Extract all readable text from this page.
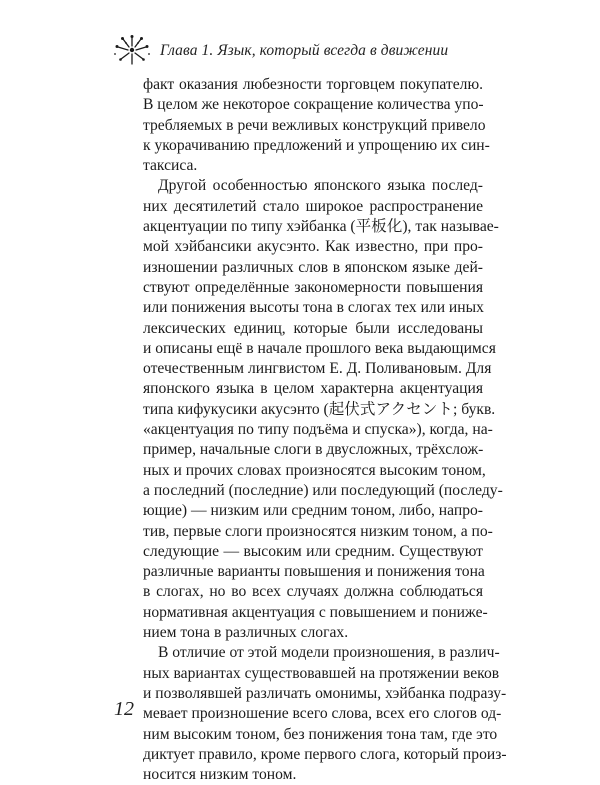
Глава 1. Язык, который всегда в движении
факт оказания любезности торговцем покупателю.
В целом же некоторое сокращение количества упо-
требляемых в речи вежливых конструкций привело
к укорачиванию предложений и упрощению их син-
таксиса.
Другой особенностью японского языка послед-
них десятилетий стало широкое распространение
акцентуации по типу хэйбанка (平板化), так называе-
мой хэйбансики акусэнто. Как известно, при про-
изношении различных слов в японском языке дей-
ствуют определённые закономерности повышения
или понижения высоты тона в слогах тех или иных
лексических единиц, которые были исследованы
и описаны ещё в начале прошлого века выдающимся
отечественным лингвистом Е. Д. Поливановым. Для
японского языка в целом характерна акцентуация
типа кифукусики акусэнто (起伏式アクセント; букв.
«акцентуация по типу подъёма и спуска»), когда, на-
пример, начальные слоги в двусложных, трёхслож-
ных и прочих словах произносятся высоким тоном,
а последний (последние) или последующий (последу-
ющие) — низким или средним тоном, либо, напро-
тив, первые слоги произносятся низким тоном, а по-
следующие — высоким или средним. Существуют
различные варианты повышения и понижения тона
в слогах, но во всех случаях должна соблюдаться
нормативная акцентуация с повышением и пониже-
нием тона в различных слогах.
В отличие от этой модели произношения, в различ-
ных вариантах существовавшей на протяжении веков
и позволявшей различать омонимы, хэйбанка подразу-
мевает произношение всего слова, всех его слогов од-
ним высоким тоном, без понижения тона там, где это
диктует правило, кроме первого слога, который произ-
носится низким тоном.
12
